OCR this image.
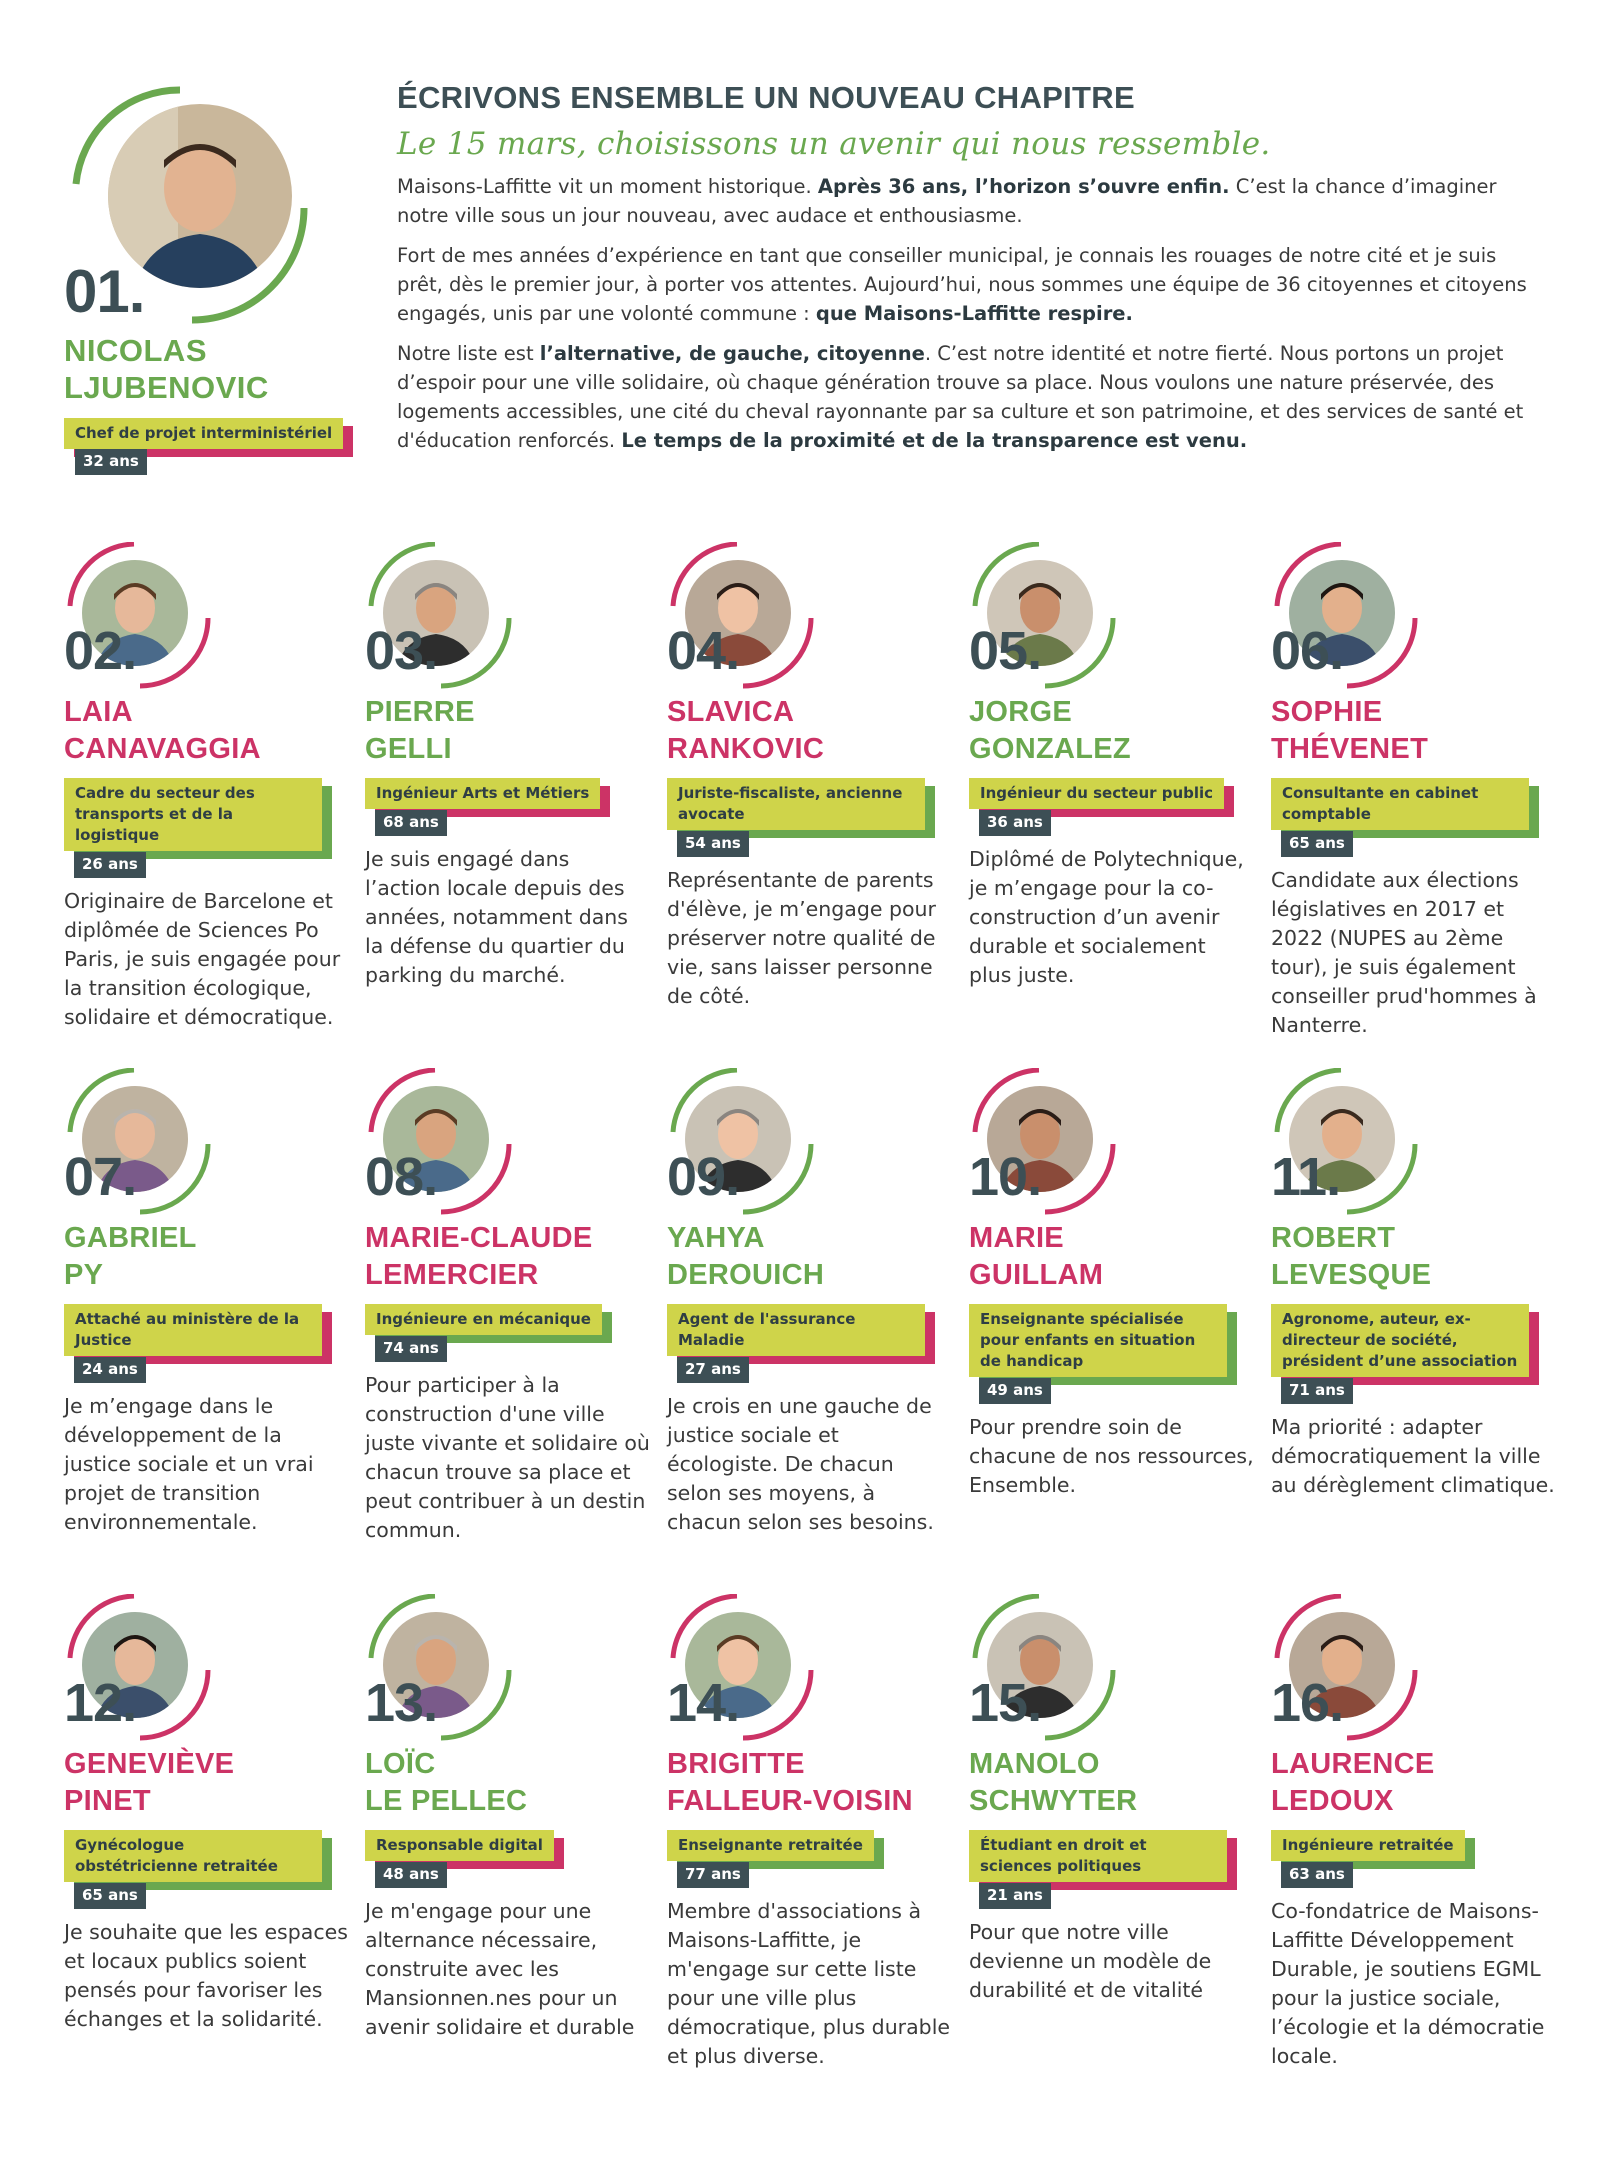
01.
NICOLAS
LJUBENOVIC
Chef de projet interministériel
32 ans
ÉCRIVONS ENSEMBLE UN NOUVEAU CHAPITRE
Le 15 mars, choisissons un avenir qui nous ressemble.

Maisons-Laffitte vit un moment historique. Après 36 ans, l’horizon s’ouvre enfin. C’est la chance d’imaginer notre ville sous un jour nouveau, avec audace et enthousiasme.

Fort de mes années d’expérience en tant que conseiller municipal, je connais les rouages de notre cité et je suis prêt, dès le premier jour, à porter vos attentes. Aujourd’hui, nous sommes une équipe de 36 citoyennes et citoyens engagés, unis par une volonté commune : que Maisons-Laffitte respire.

Notre liste est l’alternative, de gauche, citoyenne. C’est notre identité et notre fierté. Nous portons un projet d’espoir pour une ville solidaire, où chaque génération trouve sa place. Nous voulons une nature préservée, des logements accessibles, une cité du cheval rayonnante par sa culture et son patrimoine, et des services de santé et d'éducation renforcés. Le temps de la proximité et de la transparence est venu.

02.
LAIA
CANAVAGGIA
Cadre du secteur des transports et de la logistique
26 ans
Originaire de Barcelone et diplômée de Sciences Po Paris, je suis engagée pour la transition écologique, solidaire et démocratique.
03.
PIERRE
GELLI
Ingénieur Arts et Métiers
68 ans
Je suis engagé dans l’action locale depuis des années, notamment dans la défense du quartier du parking du marché.
04.
SLAVICA
RANKOVIC
Juriste-fiscaliste, ancienne avocate
54 ans
Représentante de parents d'élève, je m’engage pour préserver notre qualité de vie, sans laisser personne de côté.
05.
JORGE
GONZALEZ
Ingénieur du secteur public
36 ans
Diplômé de Polytechnique, je m’engage pour la co-construction d’un avenir durable et socialement plus juste.
06.
SOPHIE
THÉVENET
Consultante en cabinet comptable
65 ans
Candidate aux élections législatives en 2017 et 2022 (NUPES au 2ème tour), je suis également conseiller prud'hommes à Nanterre.
07.
GABRIEL
PY
Attaché au ministère de la Justice
24 ans
Je m’engage dans le développement de la justice sociale et un vrai projet de transition environnementale.
08.
MARIE-CLAUDE
LEMERCIER
Ingénieure en mécanique
74 ans
Pour participer à la construction d'une ville juste vivante et solidaire où chacun trouve sa place et peut contribuer à un destin commun.
09.
YAHYA
DEROUICH
Agent de l'assurance Maladie
27 ans
Je crois en une gauche de justice sociale et écologiste. De chacun selon ses moyens, à chacun selon ses besoins.
10.
MARIE
GUILLAM
Enseignante spécialisée pour enfants en situation de handicap
49 ans
Pour prendre soin de chacune de nos ressources, Ensemble.
11.
ROBERT
LEVESQUE
Agronome, auteur, ex-directeur de société, président d’une association
71 ans
Ma priorité : adapter démocratiquement la ville au dérèglement climatique.
12.
GENEVIÈVE
PINET
Gynécologue obstétricienne retraitée
65 ans
Je souhaite que les espaces et locaux publics soient pensés pour favoriser les échanges et la solidarité.
13.
LOÏC
LE PELLEC
Responsable digital
48 ans
Je m'engage pour une alternance nécessaire, construite avec les Mansionnen.nes pour un avenir solidaire et durable
14.
BRIGITTE
FALLEUR-VOISIN
Enseignante retraitée
77 ans
Membre d'associations à Maisons-Laffitte, je m'engage sur cette liste pour une ville plus démocratique, plus durable et plus diverse.
15.
MANOLO
SCHWYTER
Étudiant en droit et sciences politiques
21 ans
Pour que notre ville devienne un modèle de durabilité et de vitalité
16.
LAURENCE
LEDOUX
Ingénieure retraitée
63 ans
Co-fondatrice de Maisons-Laffitte Développement Durable, je soutiens EGML pour la justice sociale, l’écologie et la démocratie locale.
